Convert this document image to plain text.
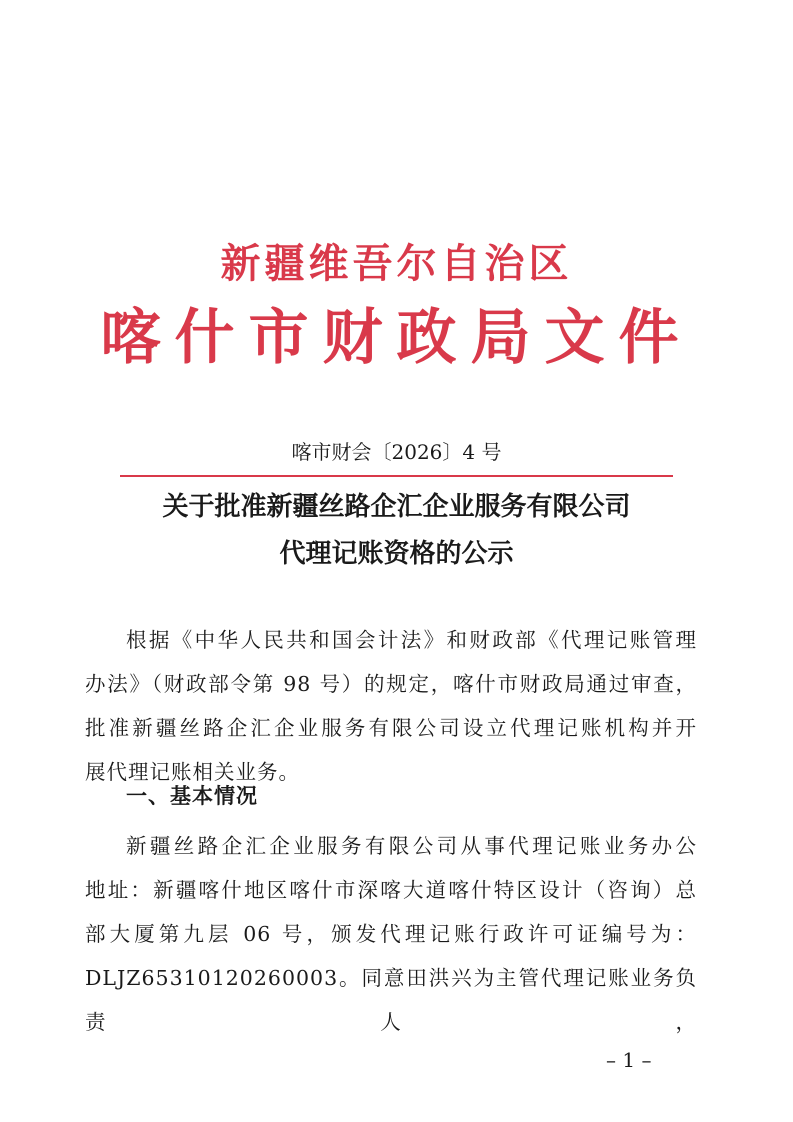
新疆维吾尔自治区
喀什市财政局文件
喀市财会〔2026〕4 号
关于批准新疆丝路企汇企业服务有限公司
代理记账资格的公示

根据《中华人民共和国会计法》和财政部《代理记账管理

办法》（财政部令第 98 号）的规定，喀什市财政局通过审查，

批准新疆丝路企汇企业服务有限公司设立代理记账机构并开

展代理记账相关业务。

一、基本情况

新疆丝路企汇企业服务有限公司从事代理记账业务办公

地址：新疆喀什地区喀什市深喀大道喀什特区设计（咨询）总

部大厦第九层 06 号，颁发代理记账行政许可证编号为：

DLJZ65310120260003。同意田洪兴为主管代理记账业务负责人，

– 1 –
